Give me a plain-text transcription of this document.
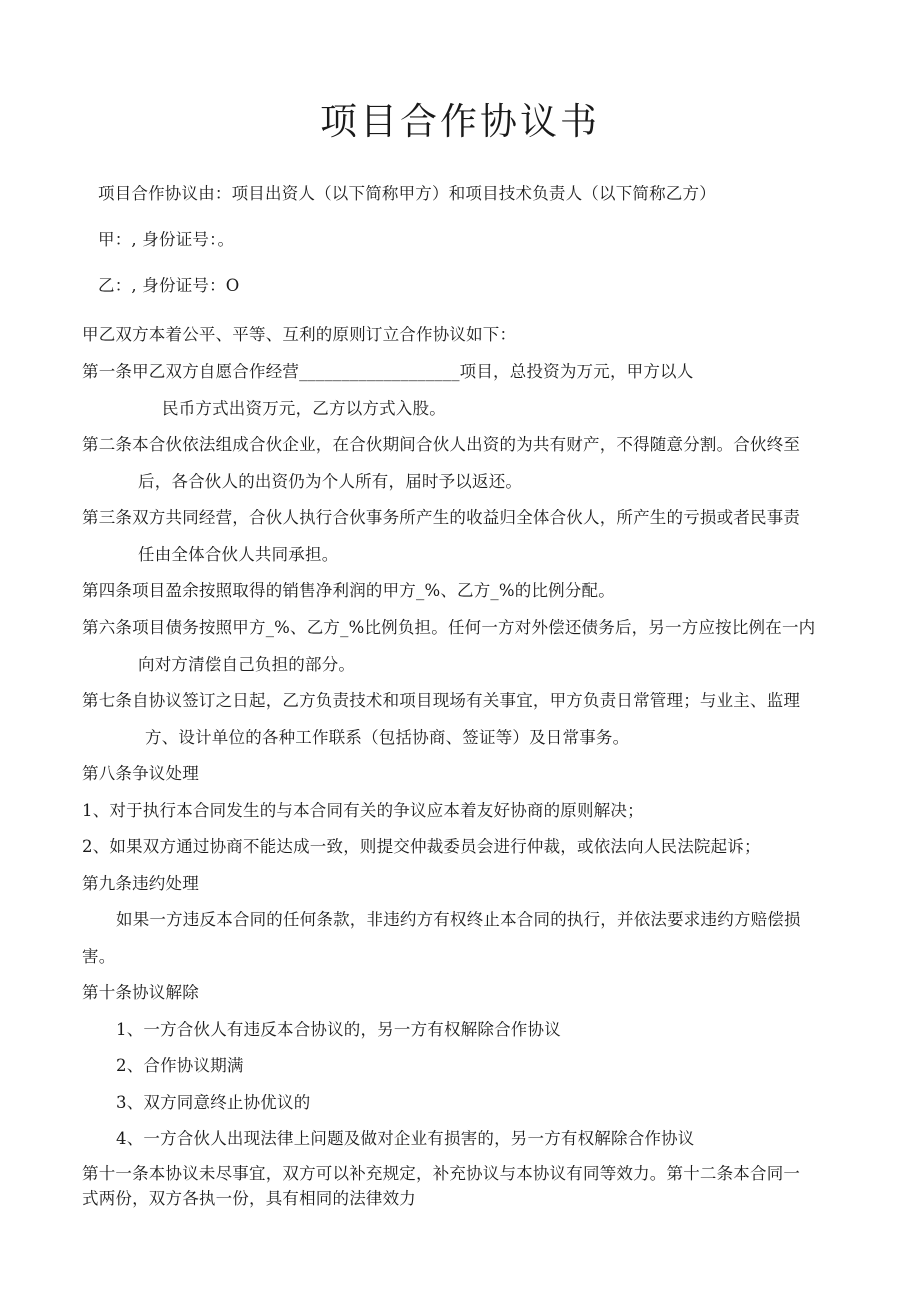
项目合作协议书
项目合作协议由：项目出资人（以下简称甲方）和项目技术负责人（以下简称乙方）
甲：, 身份证号：。
乙：, 身份证号：O
甲乙双方本着公平、平等、互利的原则订立合作协议如下：
第一条甲乙双方自愿合作经营___________________项目，总投资为万元，甲方以人
民币方式出资万元，乙方以方式入股。
第二条本合伙依法组成合伙企业，在合伙期间合伙人出资的为共有财产，不得随意分割。合伙终至
后，各合伙人的出资仍为个人所有，届时予以返还。
第三条双方共同经营，合伙人执行合伙事务所产生的收益归全体合伙人，所产生的亏损或者民事责
任由全体合伙人共同承担。
第四条项目盈余按照取得的销售净利润的甲方_%、乙方_%的比例分配。
第六条项目债务按照甲方_%、乙方_%比例负担。任何一方对外偿还债务后，另一方应按比例在一内
向对方清偿自己负担的部分。
第七条自协议签订之日起，乙方负责技术和项目现场有关事宜，甲方负责日常管理；与业主、监理
方、设计单位的各种工作联系（包括协商、签证等）及日常事务。
第八条争议处理
1、对于执行本合同发生的与本合同有关的争议应本着友好协商的原则解决；
2、如果双方通过协商不能达成一致，则提交仲裁委员会进行仲裁，或依法向人民法院起诉；
第九条违约处理
如果一方违反本合同的任何条款，非违约方有权终止本合同的执行，并依法要求违约方赔偿损
害。
第十条协议解除
1、一方合伙人有违反本合协议的，另一方有权解除合作协议
2、合作协议期满
3、双方同意终止协优议的
4、一方合伙人出现法律上问题及做对企业有损害的，另一方有权解除合作协议
第十一条本协议未尽事宜，双方可以补充规定，补充协议与本协议有同等效力。第十二条本合同一
式两份，双方各执一份，具有相同的法律效力
